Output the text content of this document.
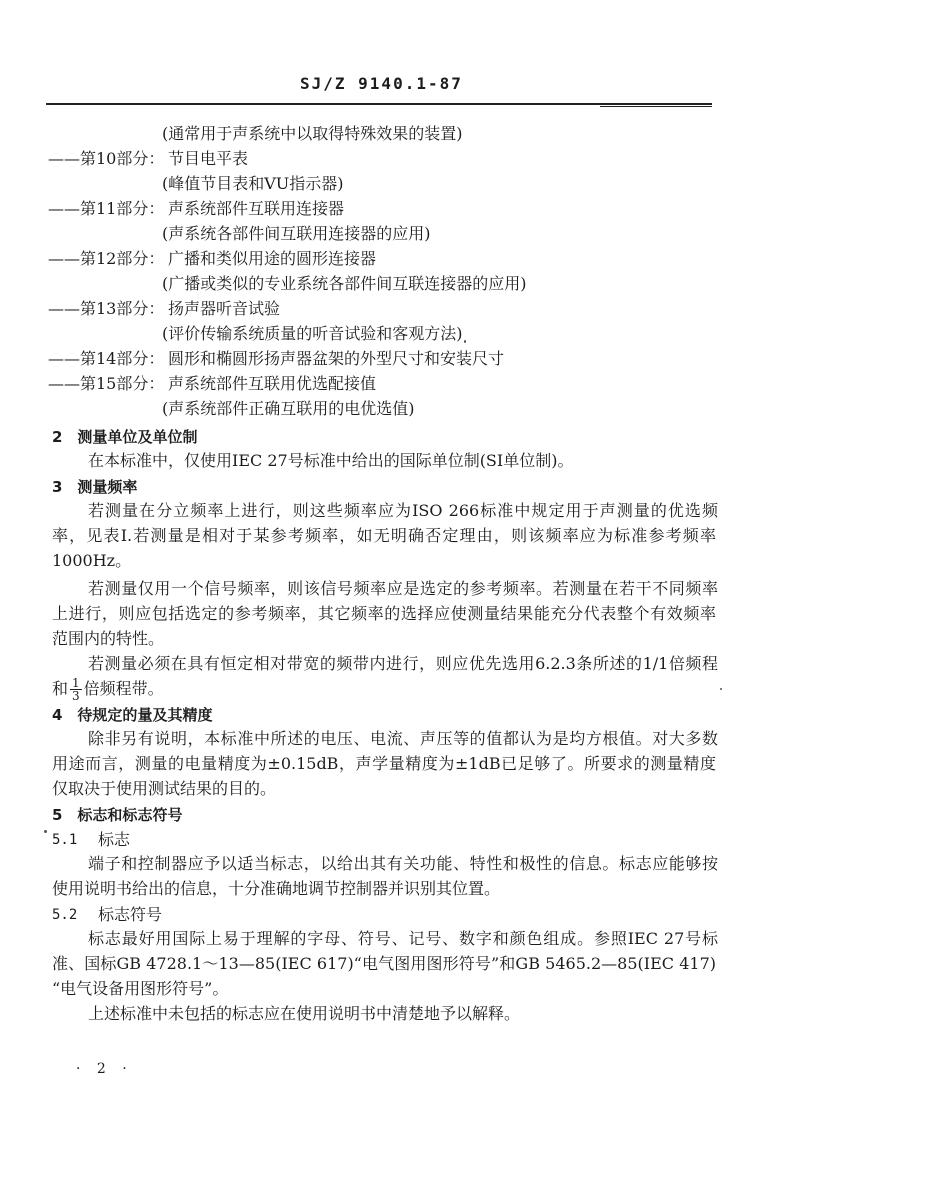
SJ/Z 9140.1-87
(通常用于声系统中以取得特殊效果的装置)
——第10部分： 节目电平表
(峰值节目表和VU指示器)
——第11部分： 声系统部件互联用连接器
(声系统各部件间互联用连接器的应用)
——第12部分： 广播和类似用途的圆形连接器
(广播或类似的专业系统各部件间互联连接器的应用)
——第13部分： 扬声器听音试验
(评价传输系统质量的听音试验和客观方法)
——第14部分： 圆形和椭圆形扬声器盆架的外型尺寸和安装尺寸
——第15部分： 声系统部件互联用优选配接值
(声系统部件正确互联用的电优选值)
2　测量单位及单位制
在本标准中，仅使用IEC 27号标准中给出的国际单位制(SI单位制)。
3　测量频率
若测量在分立频率上进行，则这些频率应为ISO 266标准中规定用于声测量的优选频
率，见表I.若测量是相对于某参考频率，如无明确否定理由，则该频率应为标准参考频率
1000Hz。
若测量仅用一个信号频率，则该信号频率应是选定的参考频率。若测量在若干不同频率
上进行，则应包括选定的参考频率，其它频率的选择应使测量结果能充分代表整个有效频率
范围内的特性。
若测量必须在具有恒定相对带宽的频带内进行，则应优先选用6.2.3条所述的1/1倍频程
和 $\frac{1}{3}$ 倍频程带。
4　待规定的量及其精度
除非另有说明，本标准中所述的电压、电流、声压等的值都认为是均方根值。对大多数
用途而言，测量的电量精度为±0.15dB，声学量精度为±1dB已足够了。所要求的测量精度
仅取决于使用测试结果的目的。
5　标志和标志符号
5.1 标志
端子和控制器应予以适当标志，以给出其有关功能、特性和极性的信息。标志应能够按
使用说明书给出的信息，十分准确地调节控制器并识别其位置。
5.2 标志符号
标志最好用国际上易于理解的字母、符号、记号、数字和颜色组成。参照IEC 27号标
准、国标GB 4728.1～13—85(IEC 617)“电气图用图形符号”和GB 5465.2—85(IEC 417)
“电气设备用图形符号”。
上述标准中未包括的标志应在使用说明书中清楚地予以解释。
· 2 ·
